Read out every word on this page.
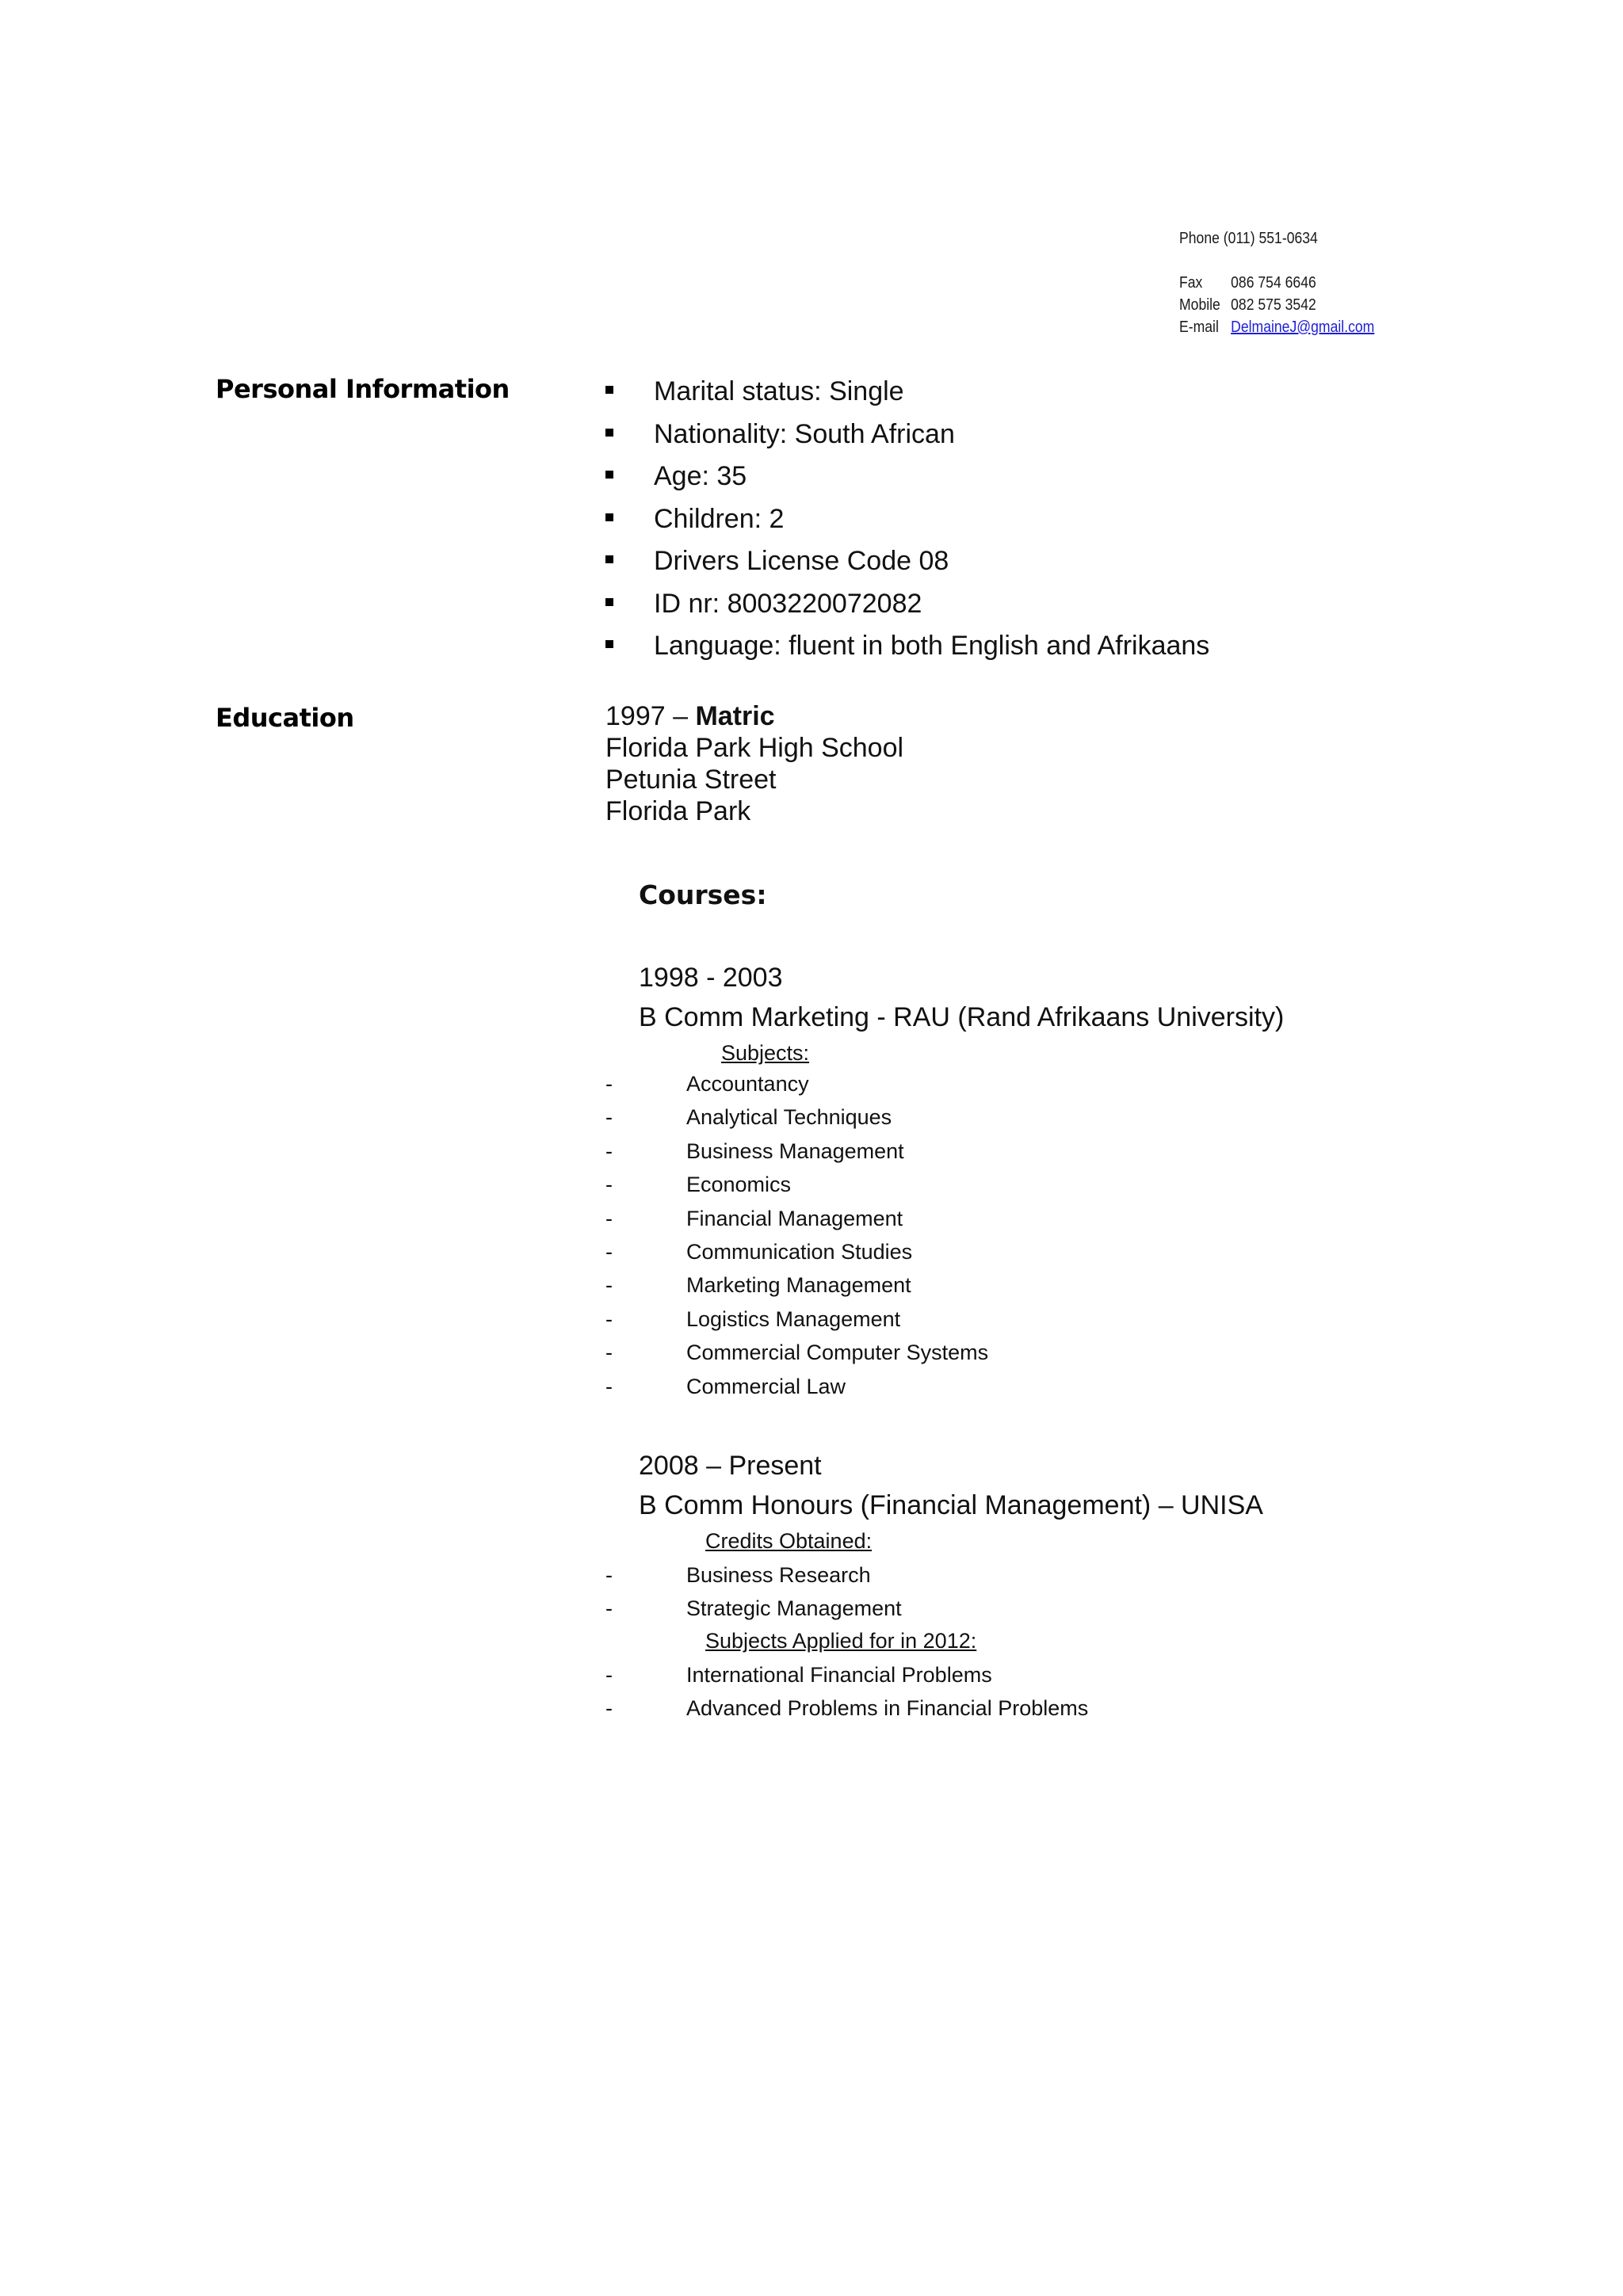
Phone (011) 551-0634
Fax 086 754 6646
Mobile 082 575 3542
E-mail DelmaineJ@gmail.com
Personal Information	Marital status: Single
Nationality: South African
Age: 35
Children: 2
Drivers License Code 08
ID nr: 8003220072082
Language: fluent in both English and Afrikaans
Education	1997 – Matric
Florida Park High School
Petunia Street
Florida Park
Courses:
1998 - 2003
B Comm Marketing - RAU (Rand Afrikaans University)
Subjects:
-	Accountancy
-	Analytical Techniques
-	Business Management
-	Economics
-	Financial Management
-	Communication Studies
-	Marketing Management
-	Logistics Management
-	Commercial Computer Systems
-	Commercial Law
2008 – Present
B Comm Honours (Financial Management) – UNISA
Credits Obtained:
-	Business Research
-	Strategic Management
Subjects Applied for in 2012:
-	International Financial Problems
-	Advanced Problems in Financial Problems
